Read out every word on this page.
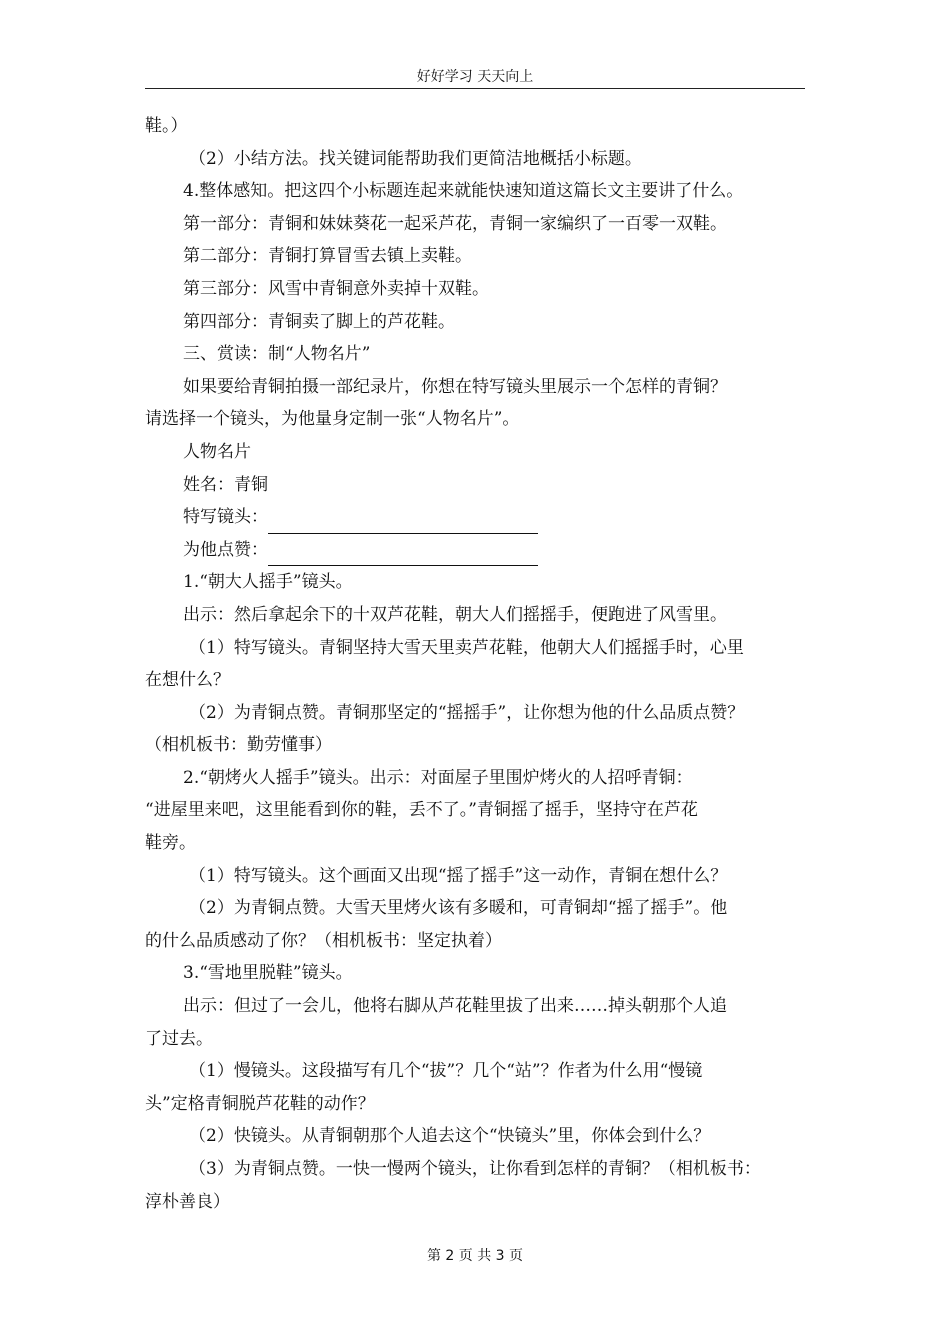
好好学习 天天向上

鞋。）

（2）小结方法。找关键词能帮助我们更简洁地概括小标题。

4.整体感知。把这四个小标题连起来就能快速知道这篇长文主要讲了什么。

第一部分：青铜和妹妹葵花一起采芦花，青铜一家编织了一百零一双鞋。

第二部分：青铜打算冒雪去镇上卖鞋。

第三部分：风雪中青铜意外卖掉十双鞋。

第四部分：青铜卖了脚上的芦花鞋。

三、赏读：制“人物名片”

如果要给青铜拍摄一部纪录片，你想在特写镜头里展示一个怎样的青铜？

请选择一个镜头，为他量身定制一张“人物名片”。

人物名片

姓名：青铜

特写镜头：

为他点赞：

1.“朝大人摇手”镜头。

出示：然后拿起余下的十双芦花鞋，朝大人们摇摇手，便跑进了风雪里。

（1）特写镜头。青铜坚持大雪天里卖芦花鞋，他朝大人们摇摇手时，心里

在想什么？

（2）为青铜点赞。青铜那坚定的“摇摇手”，让你想为他的什么品质点赞？

（相机板书：勤劳懂事）

2.“朝烤火人摇手”镜头。出示：对面屋子里围炉烤火的人招呼青铜：

“进屋里来吧，这里能看到你的鞋，丢不了。”青铜摇了摇手，坚持守在芦花

鞋旁。

（1）特写镜头。这个画面又出现“摇了摇手”这一动作，青铜在想什么？

（2）为青铜点赞。大雪天里烤火该有多暖和，可青铜却“摇了摇手”。他

的什么品质感动了你？（相机板书：坚定执着）

3.“雪地里脱鞋”镜头。

出示：但过了一会儿，他将右脚从芦花鞋里拔了出来……掉头朝那个人追

了过去。

（1）慢镜头。这段描写有几个“拔”？几个“站”？作者为什么用“慢镜

头”定格青铜脱芦花鞋的动作？

（2）快镜头。从青铜朝那个人追去这个“快镜头”里，你体会到什么？

（3）为青铜点赞。一快一慢两个镜头，让你看到怎样的青铜？（相机板书：

淳朴善良）

第 2 页 共 3 页
